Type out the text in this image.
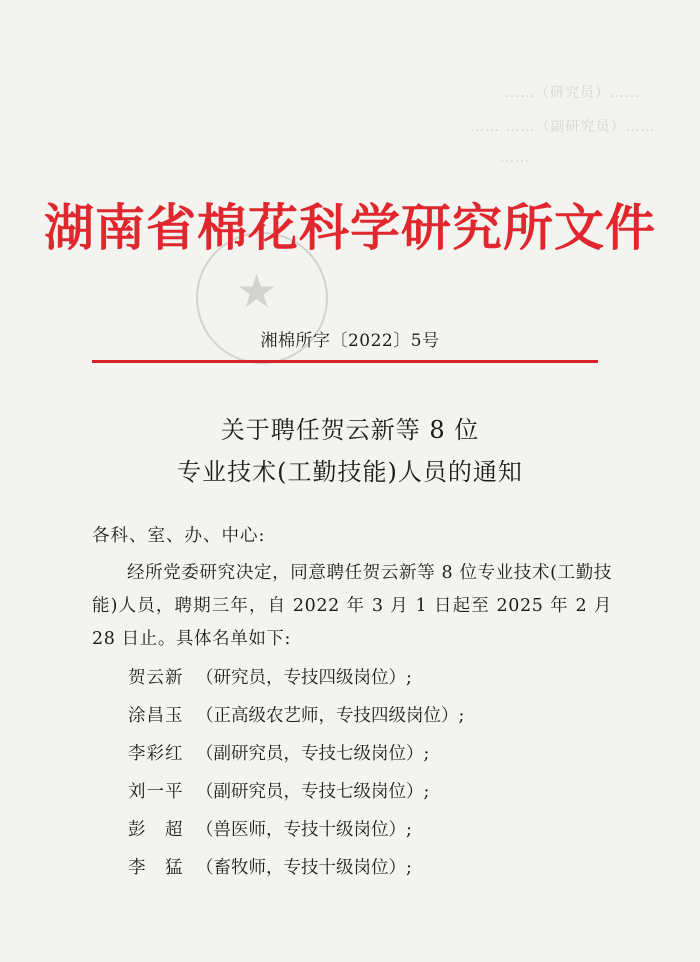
……（研究员）……
…… ……（副研究员）……
……
★
湖南省棉花科学研究所文件
湘棉所字〔2022〕5号
关于聘任贺云新等 8 位
专业技术(工勤技能)人员的通知
各科、室、办、中心:
经所党委研究决定，同意聘任贺云新等 8 位专业技术(工勤技能)人员，聘期三年，自 2022 年 3 月 1 日起至 2025 年 2 月 28 日止。具体名单如下:
贺云新 （研究员，专技四级岗位）;
涂昌玉 （正高级农艺师，专技四级岗位）;
李彩红 （副研究员，专技七级岗位）;
刘一平 （副研究员，专技七级岗位）;
彭　超 （兽医师，专技十级岗位）;
李　猛 （畜牧师，专技十级岗位）;
